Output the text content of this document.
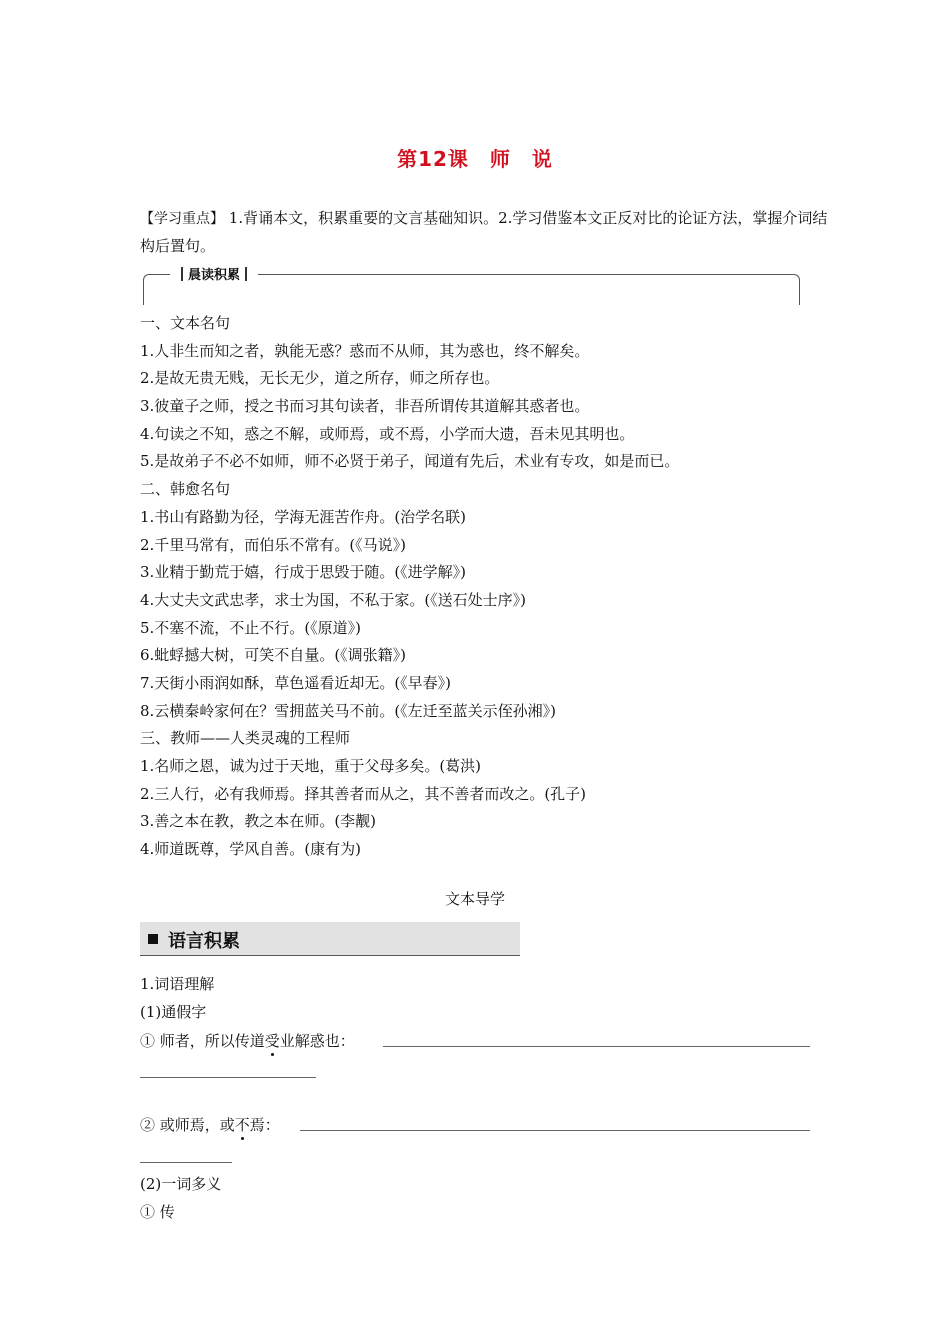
第12课　师　说
【学习重点】 1.背诵本文，积累重要的文言基础知识。2.学习借鉴本文正反对比的论证方法，掌握介词结构后置句。
晨读积累
一、文本名句
1.人非生而知之者，孰能无惑？惑而不从师，其为惑也，终不解矣。
2.是故无贵无贱，无长无少，道之所存，师之所存也。
3.彼童子之师，授之书而习其句读者，非吾所谓传其道解其惑者也。
4.句读之不知，惑之不解，或师焉，或不焉，小学而大遗，吾未见其明也。
5.是故弟子不必不如师，师不必贤于弟子，闻道有先后，术业有专攻，如是而已。
二、韩愈名句
1.书山有路勤为径，学海无涯苦作舟。(治学名联)
2.千里马常有，而伯乐不常有。(《马说》)
3.业精于勤荒于嬉，行成于思毁于随。(《进学解》)
4.大丈夫文武忠孝，求士为国，不私于家。(《送石处士序》)
5.不塞不流，不止不行。(《原道》)
6.蚍蜉撼大树，可笑不自量。(《调张籍》)
7.天街小雨润如酥，草色遥看近却无。(《早春》)
8.云横秦岭家何在？雪拥蓝关马不前。(《左迁至蓝关示侄孙湘》)
三、教师——人类灵魂的工程师
1.名师之恩，诚为过于天地，重于父母多矣。(葛洪)
2.三人行，必有我师焉。择其善者而从之，其不善者而改之。(孔子)
3.善之本在教，教之本在师。(李觏)
4.师道既尊，学风自善。(康有为)
文本导学
语言积累
1.词语理解
(1)通假字
① 师者，所以传道受业解惑也：
② 或师焉，或不焉：
(2)一词多义
① 传
